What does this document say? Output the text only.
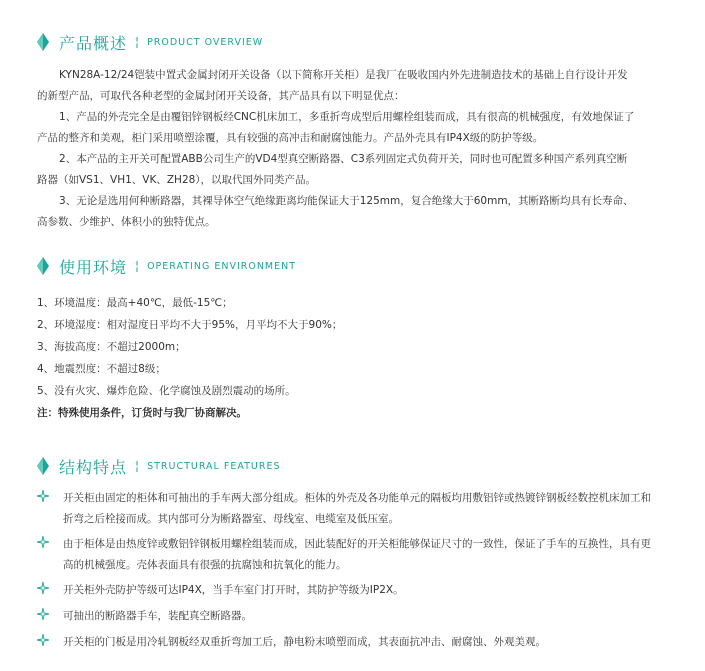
产品概述 ¦ PRODUCT OVERVIEW

KYN28A-12/24铠装中置式金属封闭开关设备（以下简称开关柜）是我厂在吸收国内外先进制造技术的基础上自行设计开发的新型产品，可取代各种老型的金属封闭开关设备，其产品具有以下明显优点：

1、产品的外壳完全是由覆铝锌钢板经CNC机床加工，多重折弯成型后用螺栓组装而成，具有很高的机械强度，有效地保证了产品的整齐和美观，柜门采用喷塑涂覆，具有较强的高冲击和耐腐蚀能力。产品外壳具有IP4X级的防护等级。

2、本产品的主开关可配置ABB公司生产的VD4型真空断路器、C3系列固定式负荷开关，同时也可配置多种国产系列真空断路器（如VS1、VH1、VK、ZH28），以取代国外同类产品。

3、无论是选用何种断路器，其裸导体空气绝缘距离均能保证大于125mm，复合绝缘大于60mm，其断路断均具有长寿命、高参数、少维护、体积小的独特优点。

使用环境 ¦ OPERATING ENVIRONMENT
1、环境温度：最高+40℃，最低-15℃；
2、环境湿度：相对湿度日平均不大于95%，月平均不大于90%；
3、海拔高度：不超过2000m；
4、地震烈度：不超过8级；
5、没有火灾、爆炸危险、化学腐蚀及剧烈震动的场所。
注：特殊使用条件，订货时与我厂协商解决。
结构特点 ¦ STRUCTURAL FEATURES
开关柜由固定的柜体和可抽出的手车两大部分组成。柜体的外壳及各功能单元的隔板均用敷铝锌或热镀锌钢板经数控机床加工和折弯之后栓接而成。其内部可分为断路器室、母线室、电缆室及低压室。
由于柜体是由热度锌或敷铝锌钢板用螺栓组装而成，因此装配好的开关柜能够保证尺寸的一致性，保证了手车的互换性，具有更高的机械强度。壳体表面具有很强的抗腐蚀和抗氧化的能力。
开关柜外壳防护等级可达IP4X，当手车室门打开时，其防护等级为IP2X。
可抽出的断路器手车，装配真空断路器。
开关柜的门板是用冷轧钢板经双重折弯加工后，静电粉末喷塑而成，其表面抗冲击、耐腐蚀、外观美观。
